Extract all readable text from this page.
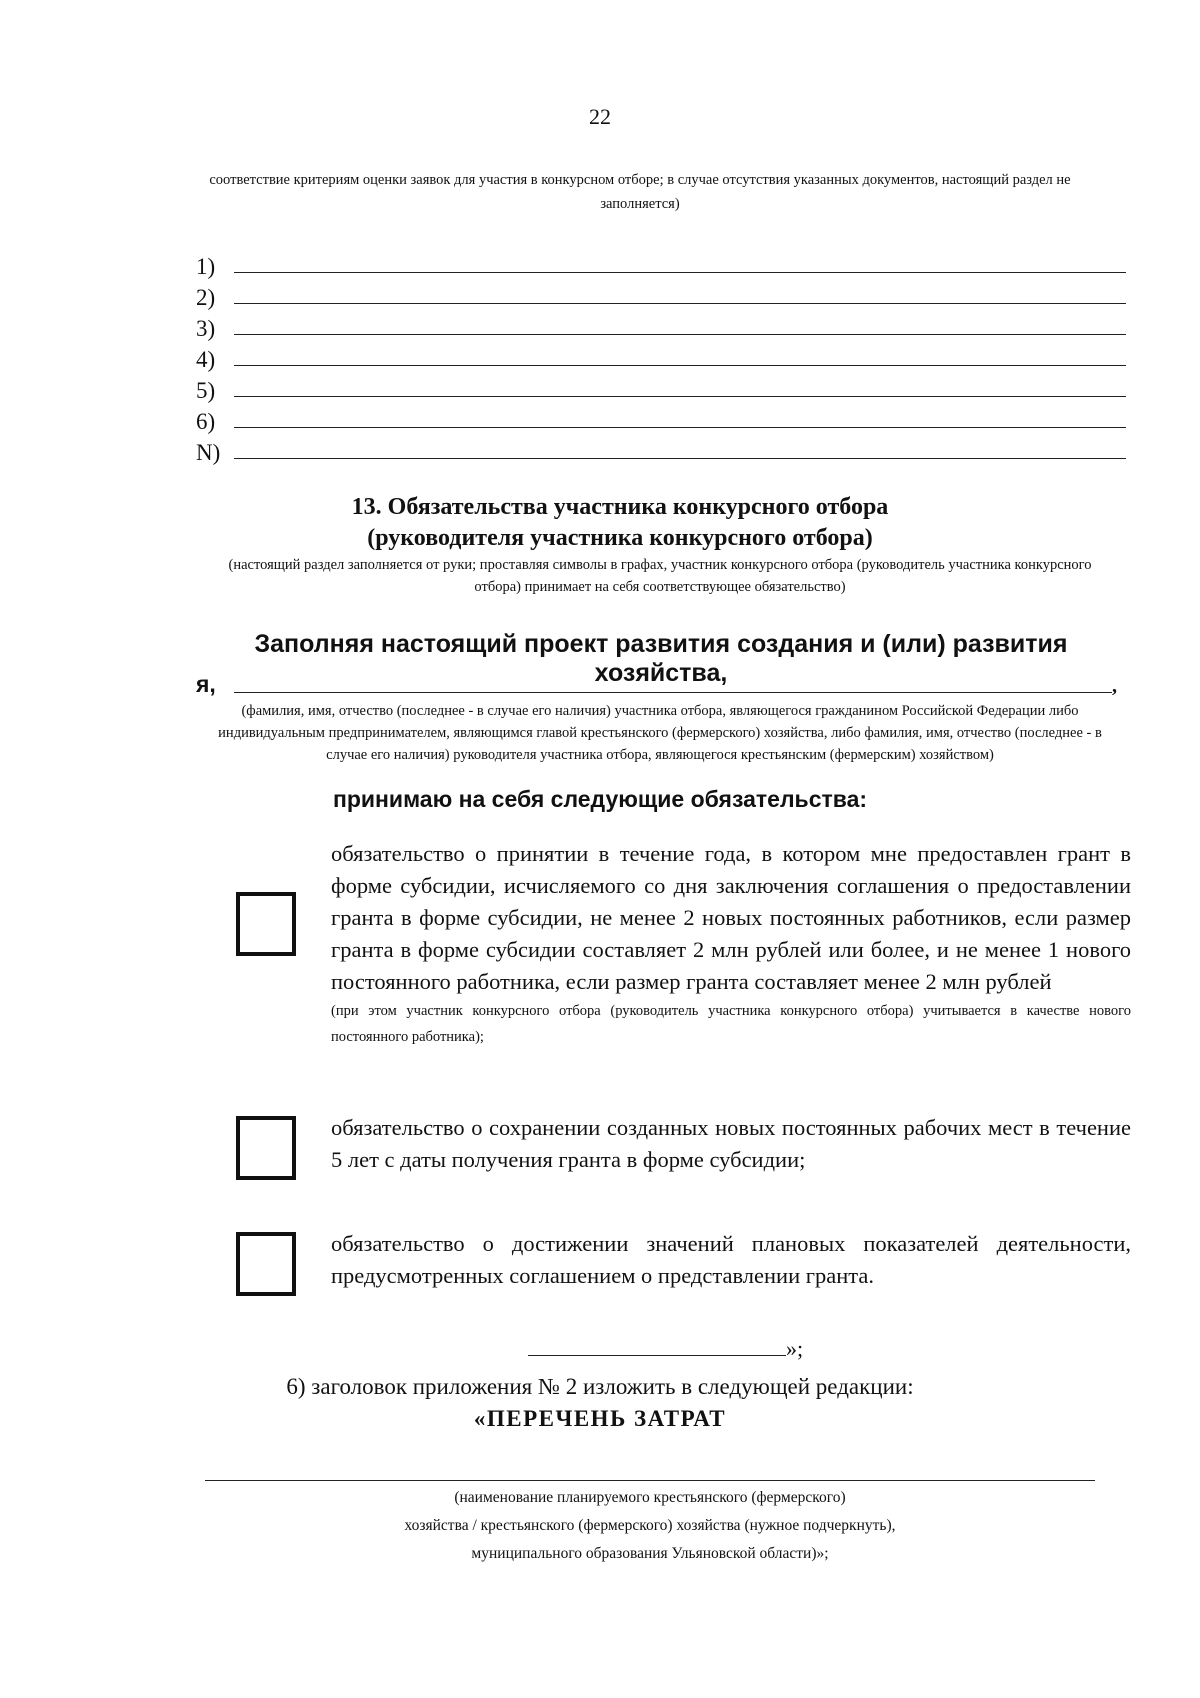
22
соответствие критериям оценки заявок для участия в конкурсном отборе; в случае отсутствия указанных документов, настоящий раздел не заполняется)
1)
2)
3)
4)
5)
6)
N)
13. Обязательства участника конкурсного отбора
(руководителя участника конкурсного отбора)
(настоящий раздел заполняется от руки; проставляя символы в графах, участник конкурсного отбора (руководитель участника конкурсного отбора) принимает на себя соответствующее обязательство)
Заполняя настоящий проект развития создания и (или) развития хозяйства,
я,	,
(фамилия, имя, отчество (последнее - в случае его наличия) участника отбора, являющегося гражданином Российской Федерации либо индивидуальным предпринимателем, являющимся главой крестьянского (фермерского) хозяйства, либо фамилия, имя, отчество (последнее - в случае его наличия) руководителя участника отбора, являющегося крестьянским (фермерским) хозяйством)
принимаю на себя следующие обязательства:
обязательство о принятии в течение года, в котором мне предоставлен грант в форме субсидии, исчисляемого со дня заключения соглашения о предоставлении гранта в форме субсидии, не менее 2 новых постоянных работников, если размер гранта в форме субсидии составляет 2 млн рублей или более, и не менее 1 нового постоянного работника, если размер гранта составляет менее 2 млн рублей
(при этом участник конкурсного отбора (руководитель участника конкурсного отбора) учитывается в качестве нового постоянного работника);
обязательство о сохранении созданных новых постоянных рабочих мест в течение 5 лет с даты получения гранта в форме субсидии;
обязательство о достижении значений плановых показателей деятельности, предусмотренных соглашением о представлении гранта.
»;
6) заголовок приложения № 2 изложить в следующей редакции:
«ПЕРЕЧЕНЬ ЗАТРАТ
(наименование планируемого крестьянского (фермерского)
хозяйства / крестьянского (фермерского) хозяйства (нужное подчеркнуть),
муниципального образования Ульяновской области)»;
